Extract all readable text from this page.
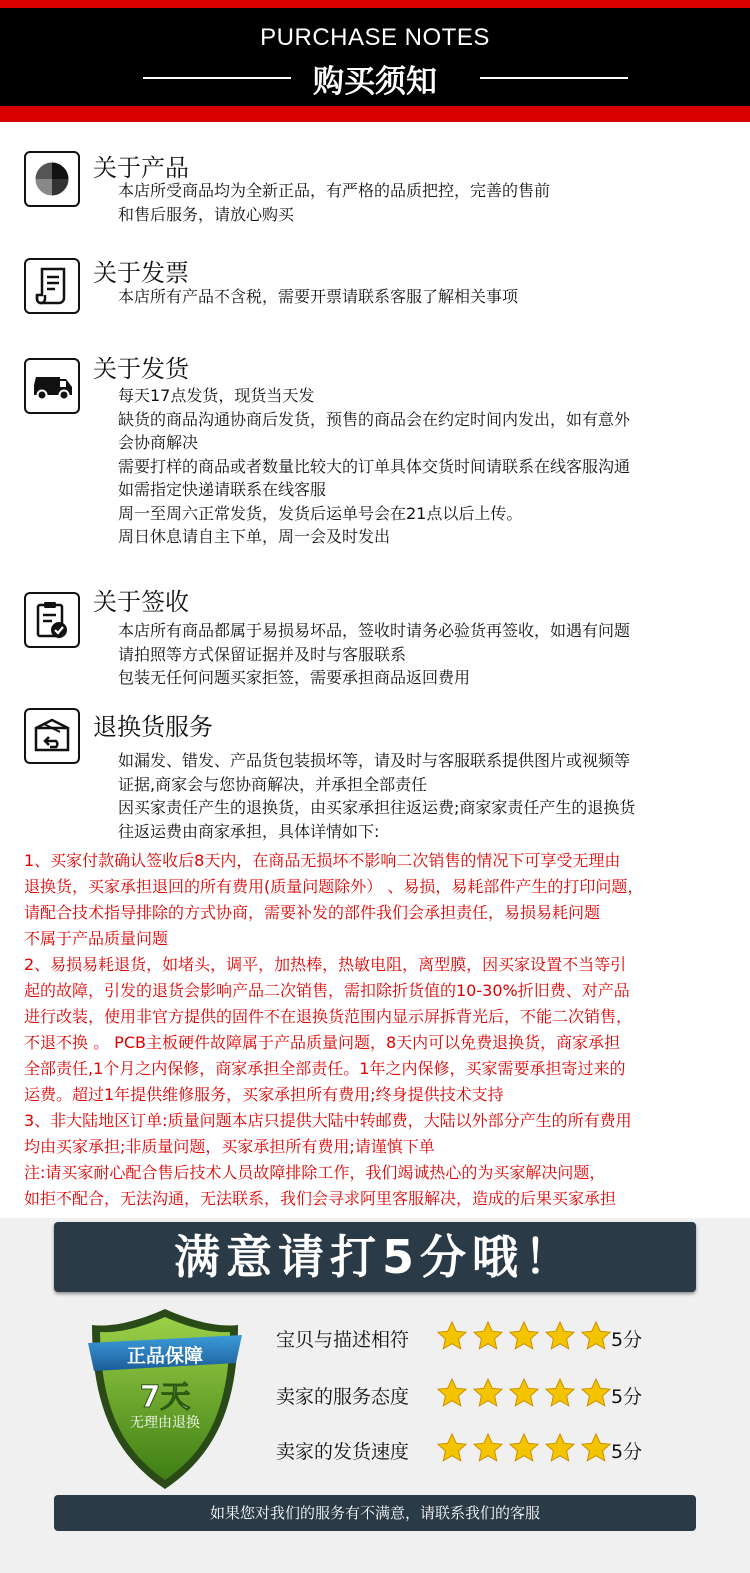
PURCHASE NOTES
购买须知
关于产品
本店所受商品均为全新正品，有严格的品质把控，完善的售前
和售后服务，请放心购买
关于发票
本店所有产品不含税，需要开票请联系客服了解相关事项
关于发货
每天17点发货，现货当天发
缺货的商品沟通协商后发货，预售的商品会在约定时间内发出，如有意外
会协商解决
需要打样的商品或者数量比较大的订单具体交货时间请联系在线客服沟通
如需指定快递请联系在线客服
周一至周六正常发货，发货后运单号会在21点以后上传。
周日休息请自主下单，周一会及时发出
关于签收
本店所有商品都属于易损易坏品，签收时请务必验货再签收，如遇有问题
请拍照等方式保留证据并及时与客服联系
包装无任何问题买家拒签，需要承担商品返回费用
退换货服务
如漏发、错发、产品货包装损坏等，请及时与客服联系提供图片或视频等
证据,商家会与您协商解决，并承担全部责任
因买家责任产生的退换货，由买家承担往返运费;商家家责任产生的退换货
往返运费由商家承担，具体详情如下:
1、买家付款确认签收后8天内，在商品无损坏不影响二次销售的情况下可享受无理由
退换货，买家承担退回的所有费用(质量问题除外） 、易损，易耗部件产生的打印问题，
请配合技术指导排除的方式协商，需要补发的部件我们会承担责任，易损易耗问题
不属于产品质量问题
2、易损易耗退货，如堵头，调平，加热棒，热敏电阻，离型膜，因买家设置不当等引
起的故障，引发的退货会影响产品二次销售，需扣除折货值的10-30%折旧费、对产品
进行改装，使用非官方提供的固件不在退换货范围内显示屏拆背光后，不能二次销售，
不退不换 。 PCB主板硬件故障属于产品质量问题，8天内可以免费退换货，商家承担
全部责任,1个月之内保修，商家承担全部责任。1年之内保修，买家需要承担寄过来的
运费。超过1年提供维修服务，买家承担所有费用;终身提供技术支持
3、非大陆地区订单:质量问题本店只提供大陆中转邮费，大陆以外部分产生的所有费用
均由买家承担;非质量问题，买家承担所有费用;请谨慎下单
注:请买家耐心配合售后技术人员故障排除工作，我们竭诚热心的为买家解决问题，
如拒不配合，无法沟通，无法联系，我们会寻求阿里客服解决，造成的后果买家承担
满意请打5分哦！
正品保障
7天
无理由退换
宝贝与描述相符	5分
卖家的服务态度	5分
卖家的发货速度	5分
如果您对我们的服务有不满意，请联系我们的客服
